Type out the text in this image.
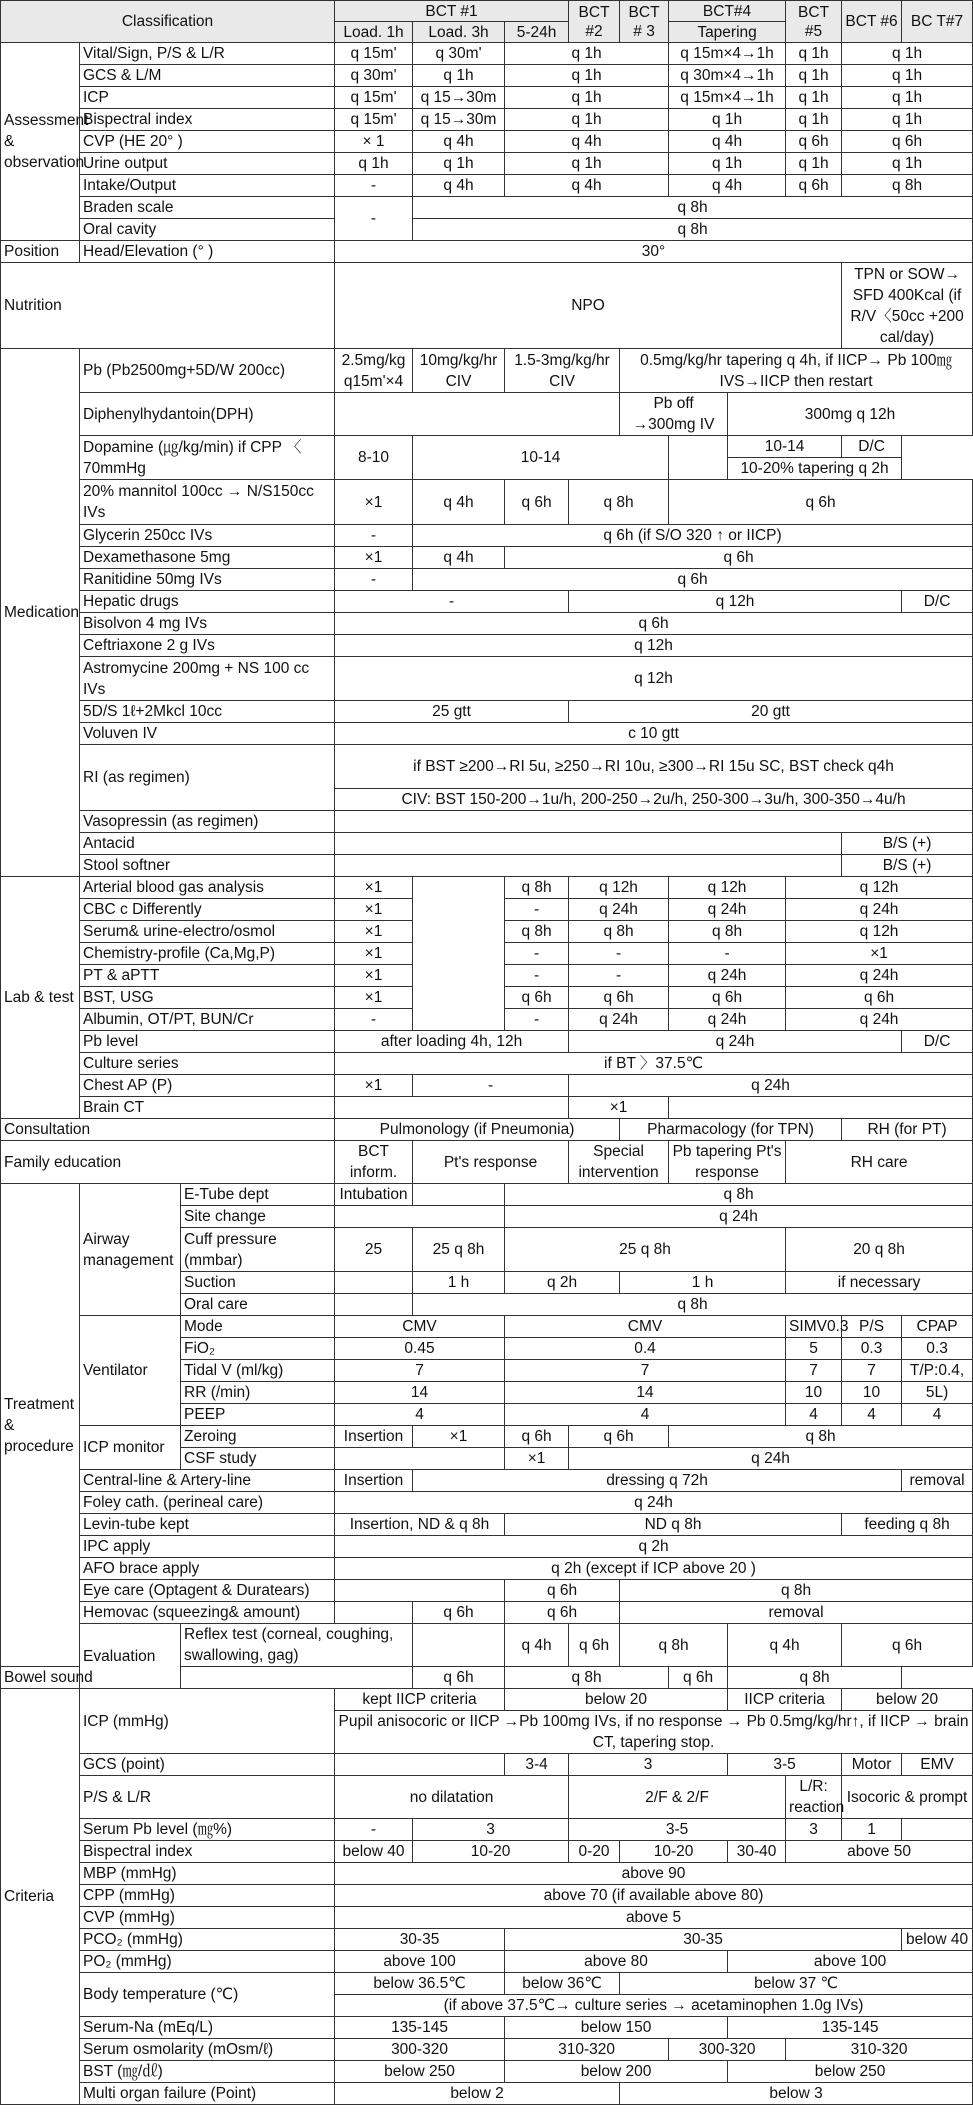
Classification			BCT #1			BCT #2	BCT # 3	BCT#4		BCT #5	BCT #6	BC T#7
			Load. 1h	Load. 3h	5-24h			Tapering				
Assessment & observation	Vital/Sign, P/S & L/R		q 15m'	q 30m'	q 1h			q 15m×4→1h		q 1h	q 1h	
	GCS & L/M		q 30m'	q 1h	q 1h			q 30m×4→1h		q 1h	q 1h	
	ICP		q 15m'	q 15→30m	q 1h			q 15m×4→1h		q 1h	q 1h	
	Bispectral index		q 15m'	q 15→30m	q 1h			q 1h		q 1h	q 1h	
	CVP (HE 20° )		× 1	q 4h	q 4h			q 4h		q 6h	q 6h	
	Urine output		q 1h	q 1h	q 1h			q 1h		q 1h	q 1h	
	Intake/Output		-	q 4h	q 4h			q 4h		q 6h	q 8h	
	Braden scale		-	q 8h								
	Oral cavity			q 8h								
Position	Head/Elevation (° )		30°									
Nutrition			NPO								TPN or SOW→ SFD 400Kcal (if R/V〈50cc +200 cal/day)	
Medication	Pb (Pb2500mg+5D/W 200cc)		2.5mg/kg q15m'×4	10mg/kg/hr CIV	1.5-3mg/kg/hr CIV		0.5mg/kg/hr tapering q 4h, if IICP→ Pb 100㎎ IVS→IICP then restart					
	Diphenylhydantoin(DPH)						Pb off →300mg IV		300mg q 12h			
	Dopamine (㎍/kg/min) if CPP 〈 70mmHg		8-10	10-14					10-14		D/C	
									10-20% tapering q 2h			
	20% mannitol 100cc → N/S150cc IVs		×1	q 4h	q 6h	q 8h		q 6h				
	Glycerin 250cc IVs		-	q 6h (if S/O 320 ↑ or IICP)								
	Dexamethasone 5mg		×1	q 4h	q 6h							
	Ranitidine 50mg IVs		-	q 6h								
	Hepatic drugs		-			q 12h						D/C
	Bisolvon 4 mg IVs		q 6h									
	Ceftriaxone 2 g IVs		q 12h									
	Astromycine 200mg + NS 100 cc IVs		q 12h									
	5D/S 1ℓ+2Mkcl 10cc		25 gtt			20 gtt						
	Voluven IV		c 10 gtt									
	RI (as regimen)		if BST ≥200→RI 5u, ≥250→RI 10u, ≥300→RI 15u SC, BST check q4h									
			CIV: BST 150-200→1u/h, 200-250→2u/h, 250-300→3u/h, 300-350→4u/h									
	Vasopressin (as regimen)											
	Antacid										B/S (+)	
	Stool softner										B/S (+)	
Lab & test	Arterial blood gas analysis		×1		q 8h	q 12h		q 12h		q 12h		
	CBC c Differently		×1		-	q 24h		q 24h		q 24h		
	Serum& urine-electro/osmol		×1		q 8h	q 8h		q 8h		q 12h		
	Chemistry-profile (Ca,Mg,P)		×1		-	-		-		×1		
	PT & aPTT		×1		-	-		q 24h		q 24h		
	BST, USG		×1		q 6h	q 6h		q 6h		q 6h		
	Albumin, OT/PT, BUN/Cr		-		-	q 24h		q 24h		q 24h		
	Pb level		after loading 4h, 12h			q 24h						D/C
	Culture series		if BT 〉37.5℃									
	Chest AP (P)		×1	-		q 24h						
	Brain CT					×1						
Consultation			Pulmonology (if Pneumonia)				Pharmacology (for TPN)				RH (for PT)	
Family education			BCT inform.	Pt's response		Special intervention		Pb tapering Pt's response		RH care		
Treatment & procedure	Airway management	E-Tube dept	Intubation		q 8h							
		Site change			q 24h							
		Cuff pressure (mmbar)	25	25 q 8h	25 q 8h					20 q 8h		
		Suction		1 h	q 2h		1 h			if necessary		
		Oral care		q 8h								
	Ventilator	Mode	CMV		CMV					SIMV0.3	P/S	CPAP
		FiO₂	0.45		0.4					5	0.3	0.3
		Tidal V (ml/kg)	7		7					7	7	T/P:0.4,
		RR (/min)	14		14					10	10	5L)
		PEEP	4		4					4	4	4
	ICP monitor	Zeroing	Insertion	×1	q 6h	q 6h		q 8h				
		CSF study			×1	q 24h						
	Central-line & Artery-line		Insertion	dressing q 72h								removal
	Foley cath. (perineal care)		q 24h									
	Levin-tube kept		Insertion, ND & q 8h		ND q 8h						feeding q 8h	
	IPC apply		q 2h									
	AFO brace apply		q 2h (except if ICP above 20 )									
	Eye care (Optagent & Duratears)				q 6h		q 8h					
	Hemovac (squeezing& amount)			q 6h	q 6h		removal					
	Evaluation	Reflex test (corneal, coughing, swallowing, gag)			q 4h	q 6h	q 8h		q 4h		q 6h	
Bowel sound				q 6h	q 8h			q 6h	q 8h			
Criteria	ICP (mmHg)		kept IICP criteria		below 20				IICP criteria		below 20	
			Pupil anisocoric or IICP →Pb 100mg IVs, if no response → Pb 0.5mg/kg/hr↑, if IICP → brain CT, tapering stop.									
	GCS (point)				3-4	3			3-5		Motor	EMV
	P/S & L/R		no dilatation			2/F & 2/F				L/R: reaction	Isocoric & prompt	
	Serum Pb level (㎎%)		-	3		3-5				3	1	
	Bispectral index		below 40	10-20		0-20	10-20		30-40	above 50		
	MBP (mmHg)		above 90									
	CPP (mmHg)		above 70 (if available above 80)									
	CVP (mmHg)		above 5									
	PCO₂ (mmHg)		30-35		30-35							below 40
	PO₂ (mmHg)		above 100		above 80				above 100			
	Body temperature (℃)		below 36.5℃		below 36℃		below 37 ℃					
			(if above 37.5℃→ culture series → acetaminophen 1.0g IVs)									
	Serum-Na (mEq/L)		135-145		below 150				135-145			
	Serum osmolarity (mOsm/ℓ)		300-320		310-320			300-320		310-320		
	BST (㎎/㎗)		below 250		below 200				below 250			
	Multi organ failure (Point)		below 2				below 3					
